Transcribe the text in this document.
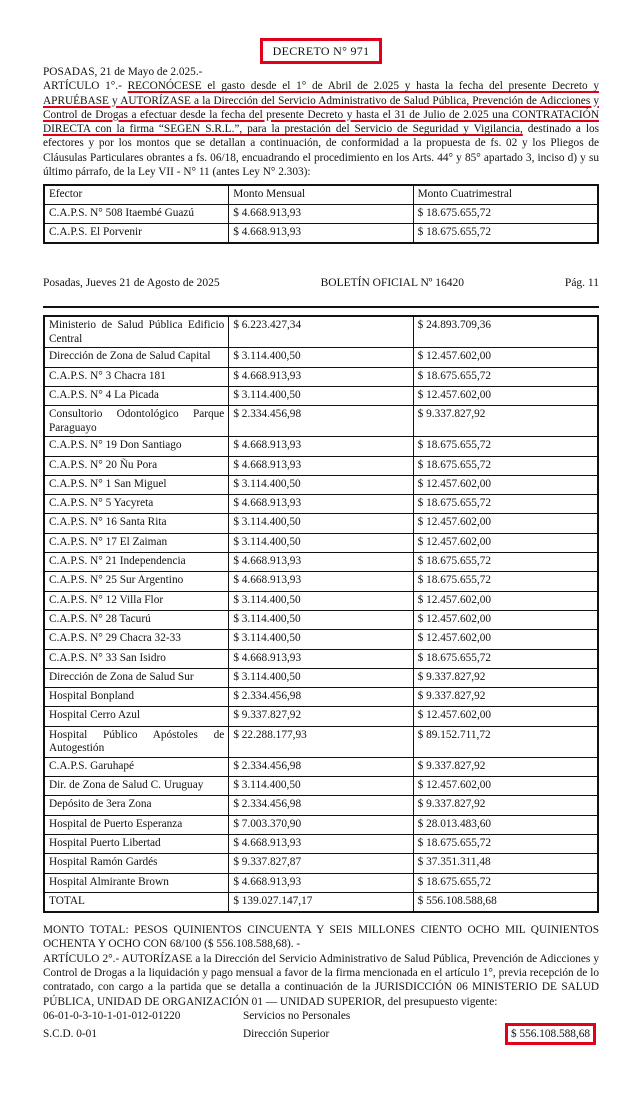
DECRETO N° 971

POSADAS, 21 de Mayo de 2.025.-

ARTÍCULO 1°.- RECONÓCESE el gasto desde el 1° de Abril de 2.025 y hasta la fecha del presente Decreto y APRUÉBASE y AUTORÍZASE a la Dirección del Servicio Administrativo de Salud Pública, Prevención de Adicciones y Control de Drogas a efectuar desde la fecha del presente Decreto y hasta el 31 de Julio de 2.025 una CONTRATACIÓN DIRECTA con la firma “SEGEN S.R.L.”, para la prestación del Servicio de Seguridad y Vigilancia, destinado a los efectores y por los montos que se detallan a continuación, de conformidad a la propuesta de fs. 02 y los Pliegos de Cláusulas Particulares obrantes a fs. 06/18, encuadrando el procedimiento en los Arts. 44° y 85° apartado 3, inciso d) y su último párrafo, de la Ley VII - N° 11 (antes Ley N° 2.303):

Efector	Monto Mensual	Monto Cuatrimestral
C.A.P.S. N° 508 Itaembé Guazú	$ 4.668.913,93	$ 18.675.655,72
C.A.P.S. El Porvenir	$ 4.668.913,93	$ 18.675.655,72
Posadas, Jueves 21 de Agosto de 2025	BOLETÍN OFICIAL Nº 16420	Pág. 11
Ministerio de Salud Pública Edificio Central	$ 6.223.427,34	$ 24.893.709,36
Dirección de Zona de Salud Capital	$ 3.114.400,50	$ 12.457.602,00
C.A.P.S. N° 3 Chacra 181	$ 4.668.913,93	$ 18.675.655,72
C.A.P.S. N° 4 La Picada	$ 3.114.400,50	$ 12.457.602,00
Consultorio Odontológico Parque Paraguayo	$ 2.334.456,98	$ 9.337.827,92
C.A.P.S. N° 19 Don Santiago	$ 4.668.913,93	$ 18.675.655,72
C.A.P.S. N° 20 Ñu Pora	$ 4.668.913,93	$ 18.675.655,72
C.A.P.S. N° 1 San Miguel	$ 3.114.400,50	$ 12.457.602,00
C.A.P.S. N° 5 Yacyreta	$ 4.668.913,93	$ 18.675.655,72
C.A.P.S. N° 16 Santa Rita	$ 3.114.400,50	$ 12.457.602,00
C.A.P.S. N° 17 El Zaiman	$ 3.114.400,50	$ 12.457.602,00
C.A.P.S. N° 21 Independencia	$ 4.668.913,93	$ 18.675.655,72
C.A.P.S. N° 25 Sur Argentino	$ 4.668.913,93	$ 18.675.655,72
C.A.P.S. N° 12 Villa Flor	$ 3.114.400,50	$ 12.457.602,00
C.A.P.S. N° 28 Tacurú	$ 3.114.400,50	$ 12.457.602,00
C.A.P.S. N° 29 Chacra 32-33	$ 3.114.400,50	$ 12.457.602,00
C.A.P.S. N° 33 San Isidro	$ 4.668.913,93	$ 18.675.655,72
Dirección de Zona de Salud Sur	$ 3.114.400,50	$ 9.337.827,92
Hospital Bonpland	$ 2.334.456,98	$ 9.337.827,92
Hospital Cerro Azul	$ 9.337.827,92	$ 12.457.602,00
Hospital Público Apóstoles de Autogestión	$ 22.288.177,93	$ 89.152.711,72
C.A.P.S. Garuhapé	$ 2.334.456,98	$ 9.337.827,92
Dir. de Zona de Salud C. Uruguay	$ 3.114.400,50	$ 12.457.602,00
Depósito de 3era Zona	$ 2.334.456,98	$ 9.337.827,92
Hospital de Puerto Esperanza	$ 7.003.370,90	$ 28.013.483,60
Hospital Puerto Libertad	$ 4.668.913,93	$ 18.675.655,72
Hospital Ramón Gardés	$ 9.337.827,87	$ 37.351.311,48
Hospital Almirante Brown	$ 4.668.913,93	$ 18.675.655,72
TOTAL	$ 139.027.147,17	$ 556.108.588,68

MONTO TOTAL: PESOS QUINIENTOS CINCUENTA Y SEIS MILLONES CIENTO OCHO MIL QUINIENTOS OCHENTA Y OCHO CON 68/100 ($ 556.108.588,68). -

ARTÍCULO 2°.- AUTORÍZASE a la Dirección del Servicio Administrativo de Salud Pública, Prevención de Adicciones y Control de Drogas a la liquidación y pago mensual a favor de la firma mencionada en el artículo 1°, previa recepción de lo contratado, con cargo a la partida que se detalla a continuación de la JURISDICCIÓN 06 MINISTERIO DE SALUD PÚBLICA, UNIDAD DE ORGANIZACIÓN 01 — UNIDAD SUPERIOR, del presupuesto vigente:

06-01-0-3-10-1-01-012-01220	Servicios no Personales
S.C.D. 0-01	Dirección Superior	$ 556.108.588,68
